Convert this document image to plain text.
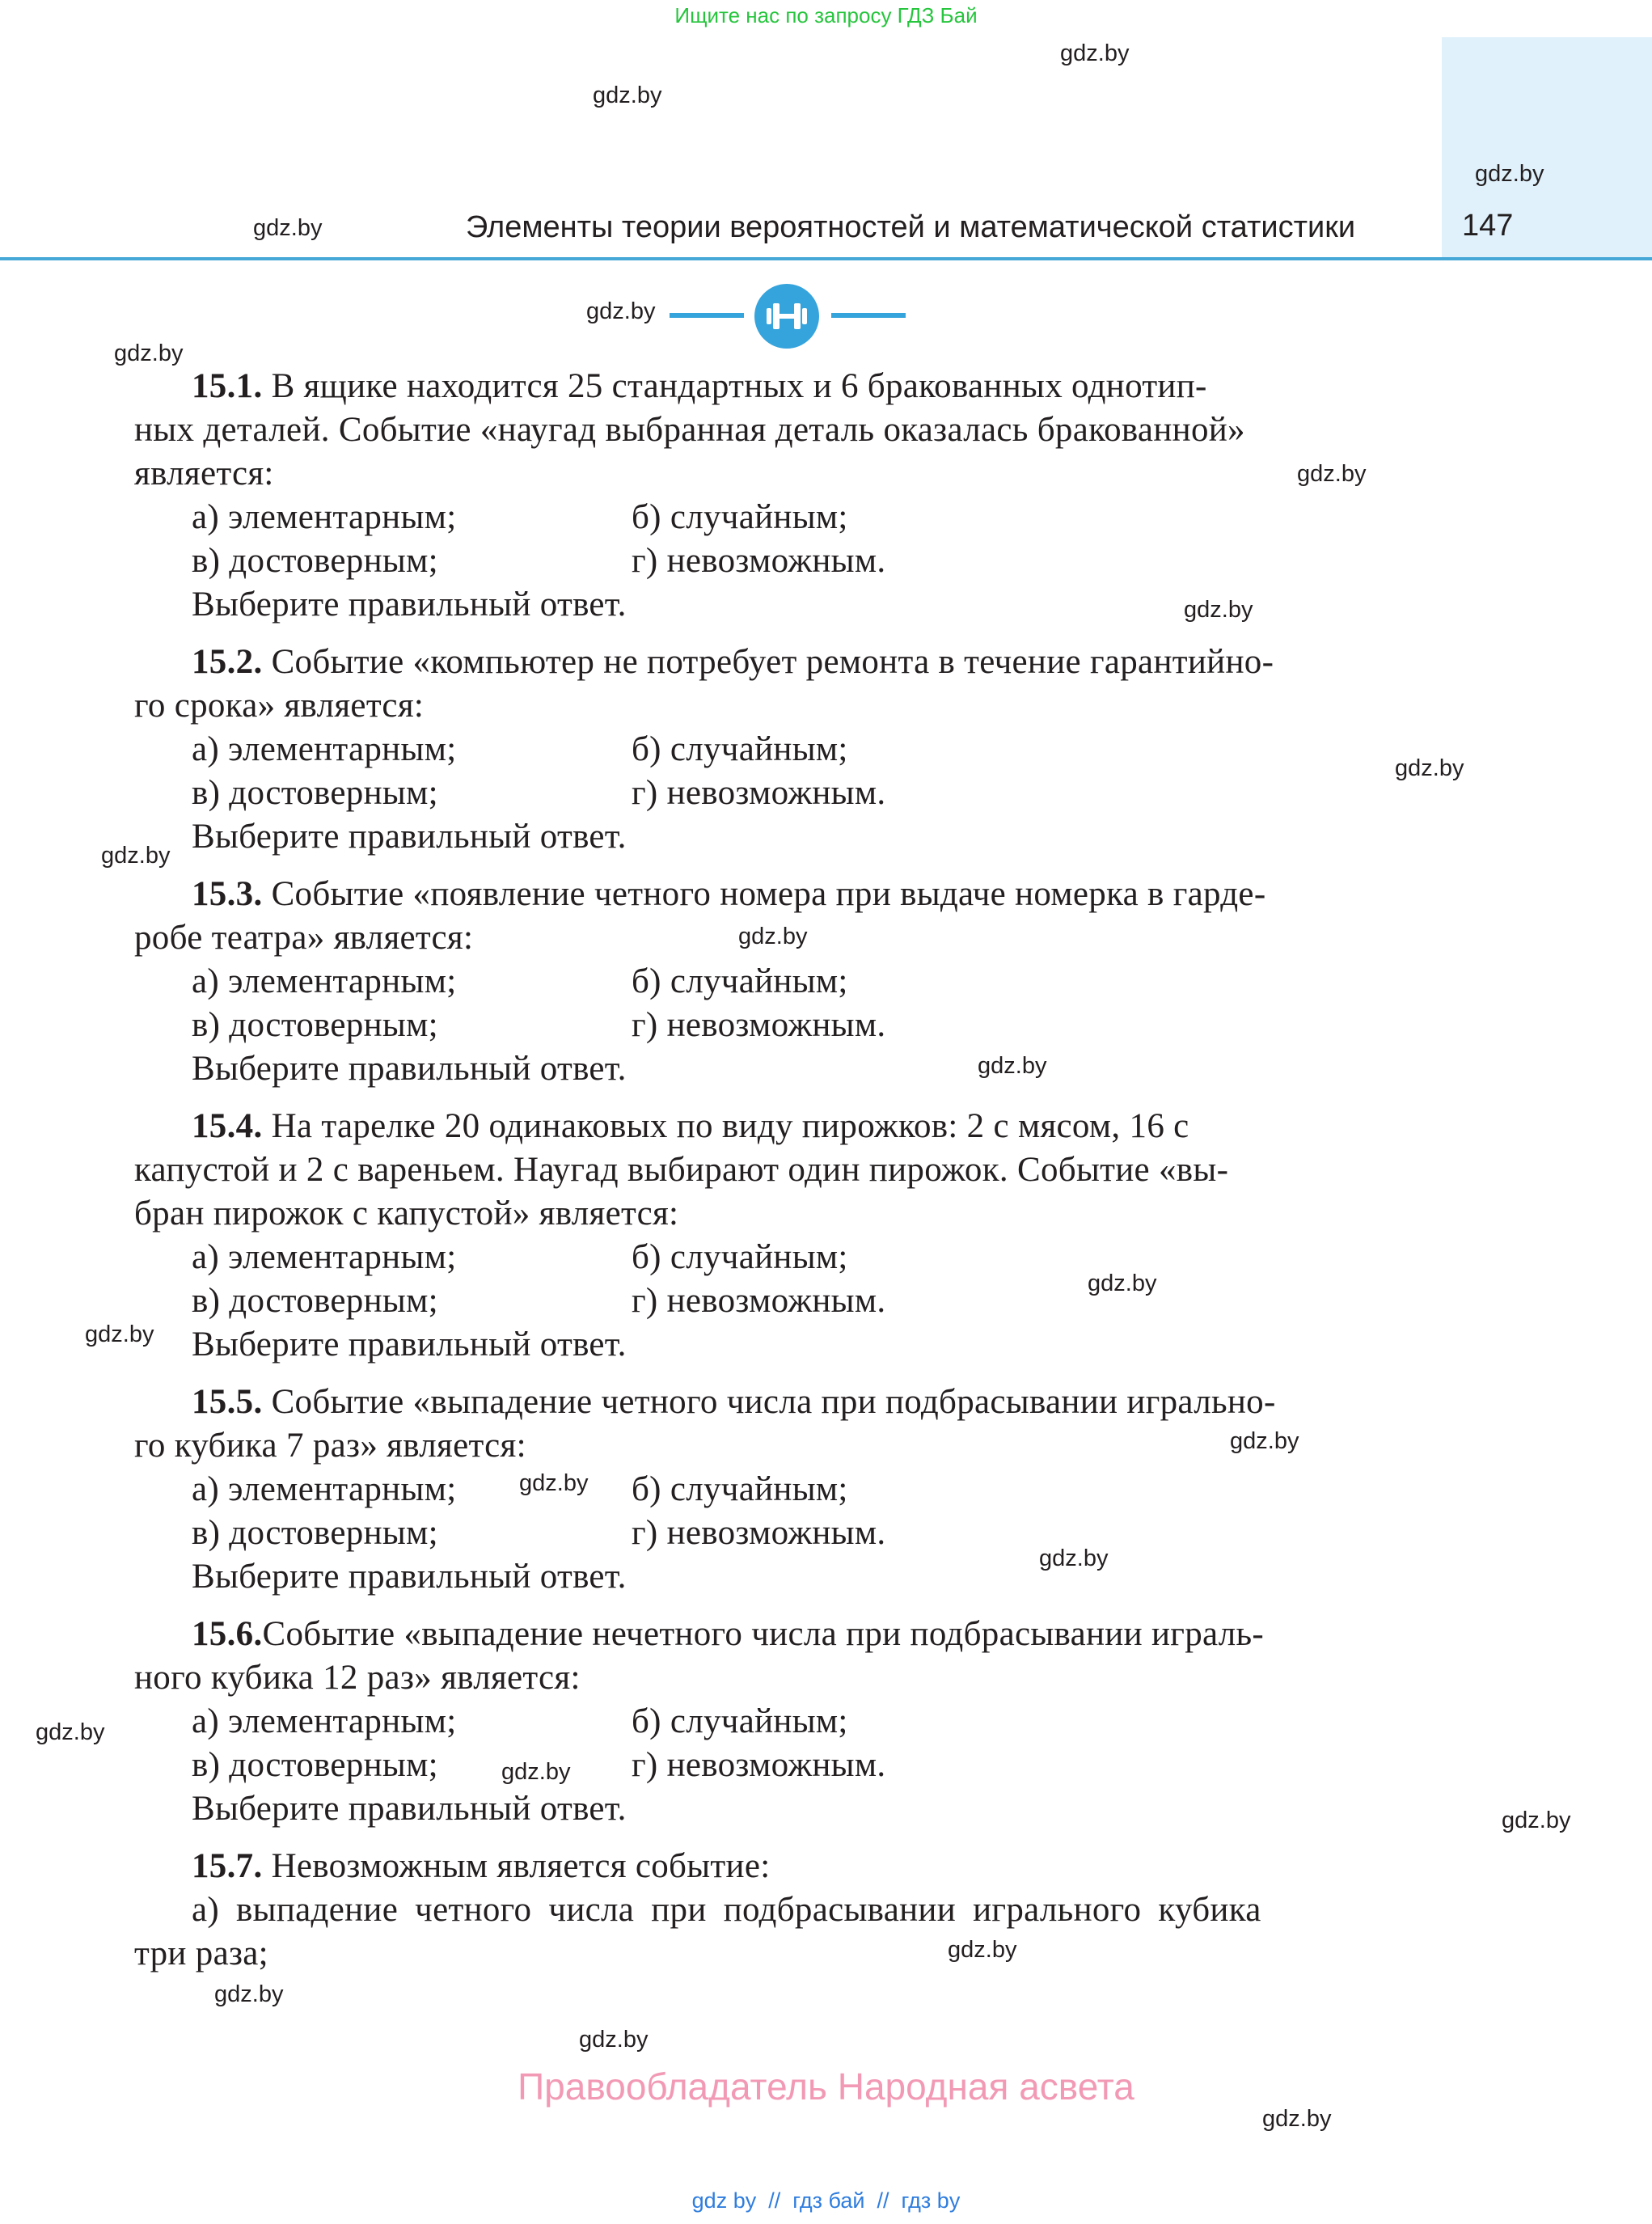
Ищите нас по запросу ГДЗ Бай
Элементы теории вероятностей и математической статистики	147
gdz.by
gdz.by
gdz.by
gdz.by
gdz.by
gdz.by
gdz.by
gdz.by
gdz.by
gdz.by
gdz.by
gdz.by
gdz.by
gdz.by
gdz.by
gdz.by
gdz.by
gdz.by
gdz.by
gdz.by
gdz.by
gdz.by
gdz.by
gdz.by
15.1. В ящике находится 25 стандартных и 6 бракованных однотип-
ных деталей. Событие «наугад выбранная деталь оказалась бракованной»
является:
а) элементарным;	б) случайным;
в) достоверным;	г) невозможным.
Выберите правильный ответ.
15.2. Событие «компьютер не потребует ремонта в течение гарантийно-
го срока» является:
а) элементарным;	б) случайным;
в) достоверным;	г) невозможным.
Выберите правильный ответ.
15.3. Событие «появление четного номера при выдаче номерка в гарде-
робе театра» является:
а) элементарным;	б) случайным;
в) достоверным;	г) невозможным.
Выберите правильный ответ.
15.4. На тарелке 20 одинаковых по виду пирожков: 2 с мясом, 16 с
капустой и 2 с вареньем. Наугад выбирают один пирожок. Событие «вы-
бран пирожок с капустой» является:
а) элементарным;	б) случайным;
в) достоверным;	г) невозможным.
Выберите правильный ответ.
15.5. Событие «выпадение четного числа при подбрасывании игрально-
го кубика 7 раз» является:
а) элементарным;	б) случайным;
в) достоверным;	г) невозможным.
Выберите правильный ответ.
15.6.Событие «выпадение нечетного числа при подбрасывании играль-
ного кубика 12 раз» является:
а) элементарным;	б) случайным;
в) достоверным;	г) невозможным.
Выберите правильный ответ.
15.7. Невозможным является событие:
а) выпадение четного числа при подбрасывании игрального кубика
три раза;
Правообладатель Народная асвета
gdz by // гдз бай // гдз by
